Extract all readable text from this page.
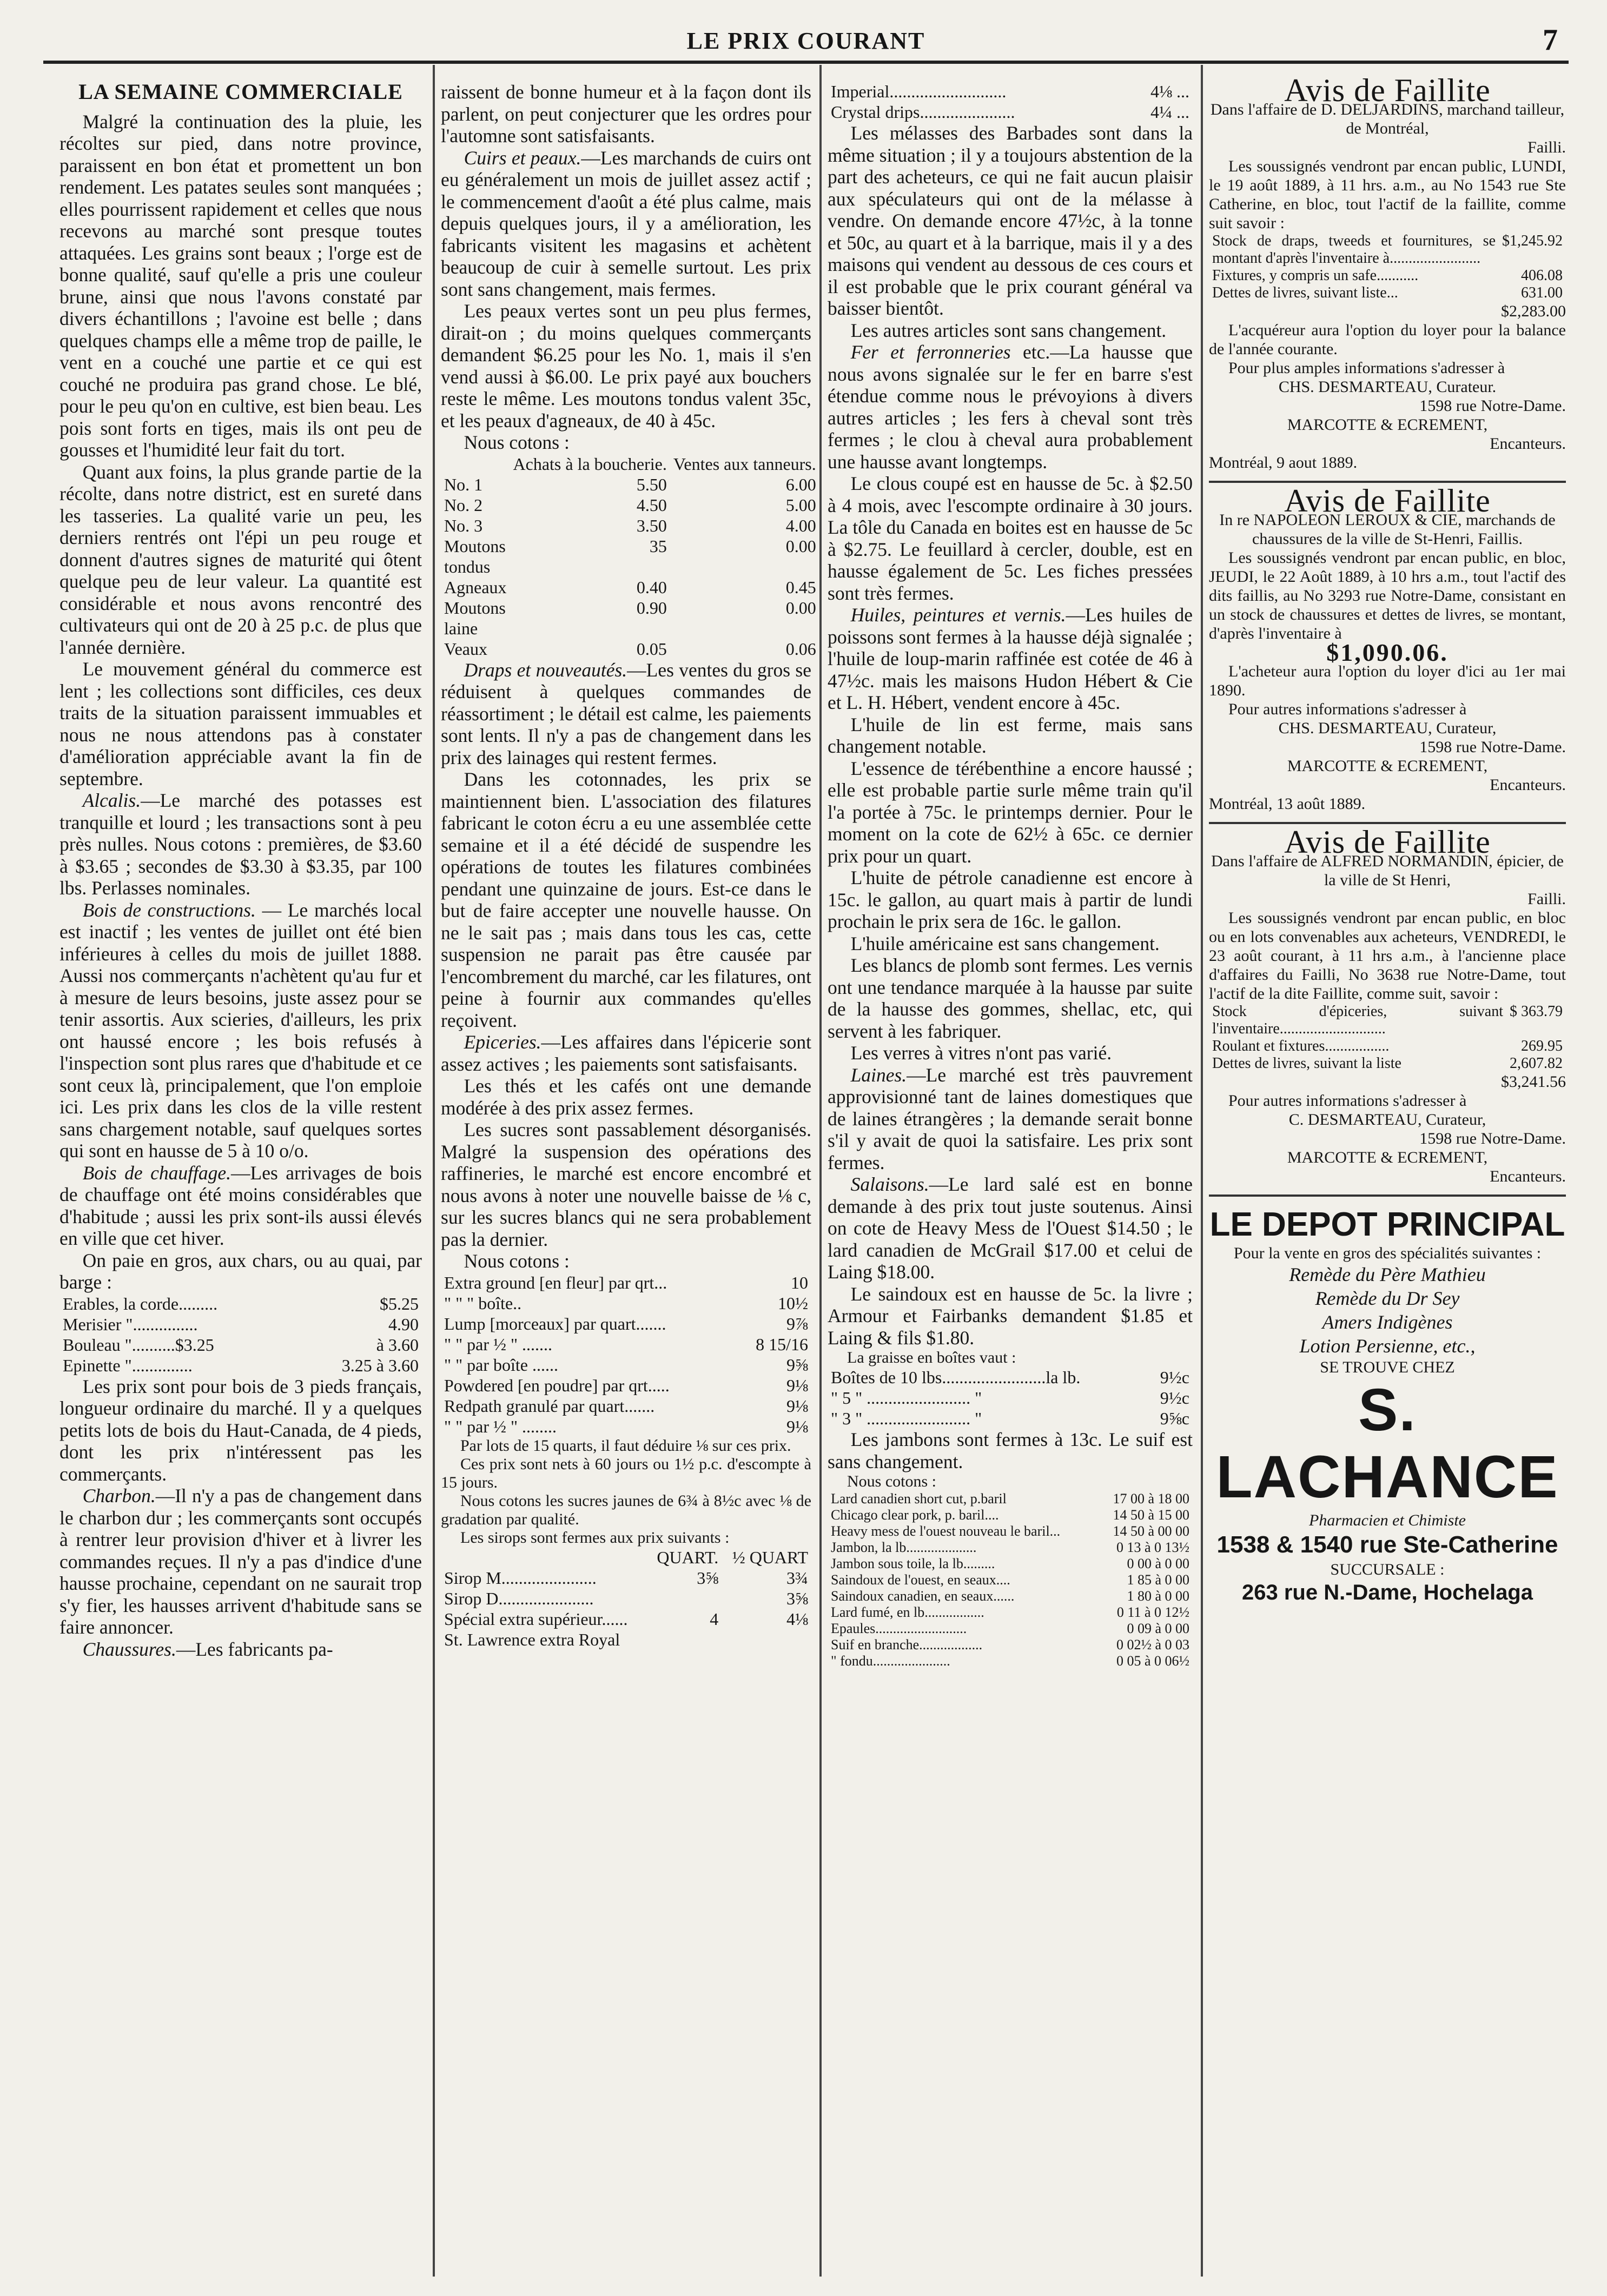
LE PRIX COURANT	7
LA SEMAINE COMMERCIALE

Malgré la continuation des la pluie, les récoltes sur pied, dans notre province, paraissent en bon état et promettent un bon rendement. Les patates seules sont manquées ; elles pourrissent rapidement et celles que nous recevons au marché sont presque toutes attaquées. Les grains sont beaux ; l'orge est de bonne qualité, sauf qu'elle a pris une couleur brune, ainsi que nous l'avons constaté par divers échantillons ; l'avoine est belle ; dans quelques champs elle a même trop de paille, le vent en a couché une partie et ce qui est couché ne produira pas grand chose. Le blé, pour le peu qu'on en cultive, est bien beau. Les pois sont forts en tiges, mais ils ont peu de gousses et l'humidité leur fait du tort.

Quant aux foins, la plus grande partie de la récolte, dans notre district, est en sureté dans les tasseries. La qualité varie un peu, les derniers rentrés ont l'épi un peu rouge et donnent d'autres signes de maturité qui ôtent quelque peu de leur valeur. La quantité est considérable et nous avons rencontré des cultivateurs qui ont de 20 à 25 p.c. de plus que l'année dernière.

Le mouvement général du commerce est lent ; les collections sont difficiles, ces deux traits de la situation paraissent immuables et nous ne nous attendons pas à constater d'amélioration appréciable avant la fin de septembre.

Alcalis.—Le marché des potasses est tranquille et lourd ; les transactions sont à peu près nulles. Nous cotons : premières, de $3.60 à $3.65 ; secondes de $3.30 à $3.35, par 100 lbs. Perlasses nominales.

Bois de constructions. — Le marchés local est inactif ; les ventes de juillet ont été bien inférieures à celles du mois de juillet 1888. Aussi nos commerçants n'achètent qu'au fur et à mesure de leurs besoins, juste assez pour se tenir assortis. Aux scieries, d'ailleurs, les prix ont haussé encore ; les bois refusés à l'inspection sont plus rares que d'habitude et ce sont ceux là, principalement, que l'on emploie ici. Les prix dans les clos de la ville restent sans chargement notable, sauf quelques sortes qui sont en hausse de 5 à 10 o/o.

Bois de chauffage.—Les arrivages de bois de chauffage ont été moins considérables que d'habitude ; aussi les prix sont-ils aussi élevés en ville que cet hiver.

On paie en gros, aux chars, ou au quai, par barge :

Erables, la corde.........	$5.25
Merisier "...............	4.90
Bouleau "..........$3.25	à 3.60
Epinette "..............	3.25 à 3.60

Les prix sont pour bois de 3 pieds français, longueur ordinaire du marché. Il y a quelques petits lots de bois du Haut-Canada, de 4 pieds, dont les prix n'intéressent pas les commerçants.

Charbon.—Il n'y a pas de changement dans le charbon dur ; les commerçants sont occupés à rentrer leur provision d'hiver et à livrer les commandes reçues. Il n'y a pas d'indice d'une hausse prochaine, cependant on ne saurait trop s'y fier, les hausses arrivent d'habitude sans se faire annoncer.

Chaussures.—Les fabricants pa-

raissent de bonne humeur et à la façon dont ils parlent, on peut conjecturer que les ordres pour l'automne sont satisfaisants.

Cuirs et peaux.—Les marchands de cuirs ont eu généralement un mois de juillet assez actif ; le commencement d'août a été plus calme, mais depuis quelques jours, il y a amélioration, les fabricants visitent les magasins et achètent beaucoup de cuir à semelle surtout. Les prix sont sans changement, mais fermes.

Les peaux vertes sont un peu plus fermes, dirait-on ; du moins quelques commerçants demandent $6.25 pour les No. 1, mais il s'en vend aussi à $6.00. Le prix payé aux bouchers reste le même. Les moutons tondus valent 35c, et les peaux d'agneaux, de 40 à 45c.

Nous cotons :

	Achats à la boucherie.	Ventes aux tanneurs.
No. 1	5.50	6.00
No. 2	4.50	5.00
No. 3	3.50	4.00
Moutons tondus	35	0.00
Agneaux	0.40	0.45
Moutons laine	0.90	0.00
Veaux	0.05	0.06

Draps et nouveautés.—Les ventes du gros se réduisent à quelques commandes de réassortiment ; le détail est calme, les paiements sont lents. Il n'y a pas de changement dans les prix des lainages qui restent fermes.

Dans les cotonnades, les prix se maintiennent bien. L'association des filatures fabricant le coton écru a eu une assemblée cette semaine et il a été décidé de suspendre les opérations de toutes les filatures combinées pendant une quinzaine de jours. Est-ce dans le but de faire accepter une nouvelle hausse. On ne le sait pas ; mais dans tous les cas, cette suspension ne parait pas être causée par l'encombrement du marché, car les filatures, ont peine à fournir aux commandes qu'elles reçoivent.

Epiceries.—Les affaires dans l'épicerie sont assez actives ; les paiements sont satisfaisants.

Les thés et les cafés ont une demande modérée à des prix assez fermes.

Les sucres sont passablement désorganisés. Malgré la suspension des opérations des raffineries, le marché est encore encombré et nous avons à noter une nouvelle baisse de ⅛ c, sur les sucres blancs qui ne sera probablement pas la dernier.

Nous cotons :

Extra ground [en fleur] par qrt...	10
" " " boîte..	10½
Lump [morceaux] par quart.......	9⅞
" " par ½ " .......	8 15/16
" " par boîte ......	9⅝
Powdered [en poudre] par qrt.....	9⅛
Redpath granulé par quart.......	9⅛
" " par ½ " ........	9⅛

Par lots de 15 quarts, il faut déduire ⅛ sur ces prix.

Ces prix sont nets à 60 jours ou 1½ p.c. d'escompte à 15 jours.

Nous cotons les sucres jaunes de 6¾ à 8½c avec ⅛ de gradation par qualité.

Les sirops sont fermes aux prix suivants :

	QUART.	½ QUART
Sirop M......................	3⅝	3¾
Sirop D......................		3⅝
Spécial extra supérieur......	4	4⅛
St. Lawrence extra Royal		
Imperial...........................	4⅛ ...
Crystal drips......................	4¼ ...

Les mélasses des Barbades sont dans la même situation ; il y a toujours abstention de la part des acheteurs, ce qui ne fait aucun plaisir aux spéculateurs qui ont de la mélasse à vendre. On demande encore 47½c, à la tonne et 50c, au quart et à la barrique, mais il y a des maisons qui vendent au dessous de ces cours et il est probable que le prix courant général va baisser bientôt.

Les autres articles sont sans changement.

Fer et ferronneries etc.—La hausse que nous avons signalée sur le fer en barre s'est étendue comme nous le prévoyions à divers autres articles ; les fers à cheval sont très fermes ; le clou à cheval aura probablement une hausse avant longtemps.

Le clous coupé est en hausse de 5c. à $2.50 à 4 mois, avec l'escompte ordinaire à 30 jours. La tôle du Canada en boites est en hausse de 5c à $2.75. Le feuillard à cercler, double, est en hausse également de 5c. Les fiches pressées sont très fermes.

Huiles, peintures et vernis.—Les huiles de poissons sont fermes à la hausse déjà signalée ; l'huile de loup-marin raffinée est cotée de 46 à 47½c. mais les maisons Hudon Hébert & Cie et L. H. Hébert, vendent encore à 45c.

L'huile de lin est ferme, mais sans changement notable.

L'essence de térébenthine a encore haussé ; elle est probable partie surle même train qu'il l'a portée à 75c. le printemps dernier. Pour le moment on la cote de 62½ à 65c. ce dernier prix pour un quart.

L'huite de pétrole canadienne est encore à 15c. le gallon, au quart mais à partir de lundi prochain le prix sera de 16c. le gallon.

L'huile américaine est sans changement.

Les blancs de plomb sont fermes. Les vernis ont une tendance marquée à la hausse par suite de la hausse des gommes, shellac, etc, qui servent à les fabriquer.

Les verres à vitres n'ont pas varié.

Laines.—Le marché est très pauvrement approvisionné tant de laines domestiques que de laines étrangères ; la demande serait bonne s'il y avait de quoi la satisfaire. Les prix sont fermes.

Salaisons.—Le lard salé est en bonne demande à des prix tout juste soutenus. Ainsi on cote de Heavy Mess de l'Ouest $14.50 ; le lard canadien de McGrail $17.00 et celui de Laing $18.00.

Le saindoux est en hausse de 5c. la livre ; Armour et Fairbanks demandent $1.85 et Laing & fils $1.80.

La graisse en boîtes vaut :

Boîtes de 10 lbs........................la lb.	9½c
" 5 " ........................ "	9½c
" 3 " ........................ "	9⅝c

Les jambons sont fermes à 13c. Le suif est sans changement.

Nous cotons :

Lard canadien short cut, p.baril	17 00 à 18 00
Chicago clear pork, p. baril....	14 50 à 15 00
Heavy mess de l'ouest nouveau le baril...	14 50 à 00 00
Jambon, la lb....................	0 13 à 0 13½
Jambon sous toile, la lb.........	0 00 à 0 00
Saindoux de l'ouest, en seaux....	1 85 à 0 00
Saindoux canadien, en seaux......	1 80 à 0 00
Lard fumé, en lb.................	0 11 à 0 12½
Epaules..........................	0 09 à 0 00
Suif en branche..................	0 02½ à 0 03
" fondu......................	0 05 à 0 06½
Avis de Faillite

Dans l'affaire de D. DELJARDINS, marchand tailleur, de Montréal,

Failli.

Les soussignés vendront par encan public, LUNDI, le 19 août 1889, à 11 hrs. a.m., au No 1543 rue Ste Catherine, en bloc, tout l'actif de la faillite, comme suit savoir :

Stock de draps, tweeds et fournitures, se montant d'après l'inventaire à........................	$1,245.92
Fixtures, y compris un safe...........	406.08
Dettes de livres, suivant liste...	631.00

$2,283.00

L'acquéreur aura l'option du loyer pour la balance de l'année courante.

Pour plus amples informations s'adresser à

CHS. DESMARTEAU, Curateur.

1598 rue Notre-Dame.

MARCOTTE & ECREMENT,

Encanteurs.

Montréal, 9 aout 1889.

Avis de Faillite

In re NAPOLEON LEROUX & CIE, marchands de chaussures de la ville de St-Henri, Faillis.

Les soussignés vendront par encan public, en bloc, JEUDI, le 22 Août 1889, à 10 hrs a.m., tout l'actif des dits faillis, au No 3293 rue Notre-Dame, consistant en un stock de chaussures et dettes de livres, se montant, d'après l'inventaire à

$1,090.06.

L'acheteur aura l'option du loyer d'ici au 1er mai 1890.

Pour autres informations s'adresser à

CHS. DESMARTEAU, Curateur,

1598 rue Notre-Dame.

MARCOTTE & ECREMENT,

Encanteurs.

Montréal, 13 août 1889.

Avis de Faillite

Dans l'affaire de ALFRED NORMANDIN, épicier, de la ville de St Henri,

Failli.

Les soussignés vendront par encan public, en bloc ou en lots convenables aux acheteurs, VENDREDI, le 23 août courant, à 11 hrs a.m., à l'ancienne place d'affaires du Failli, No 3638 rue Notre-Dame, tout l'actif de la dite Faillite, comme suit, savoir :

Stock d'épiceries, suivant l'inventaire............................	$ 363.79
Roulant et fixtures.................	269.95
Dettes de livres, suivant la liste	2,607.82

$3,241.56

Pour autres informations s'adresser à

C. DESMARTEAU, Curateur,

1598 rue Notre-Dame.

MARCOTTE & ECREMENT,

Encanteurs.

LE DEPOT PRINCIPAL

Pour la vente en gros des spécialités suivantes :

Remède du Père Mathieu

Remède du Dr Sey

Amers Indigènes

Lotion Persienne, etc.,

SE TROUVE CHEZ

S. LACHANCE

Pharmacien et Chimiste

1538 & 1540 rue Ste-Catherine

SUCCURSALE :

263 rue N.-Dame, Hochelaga
